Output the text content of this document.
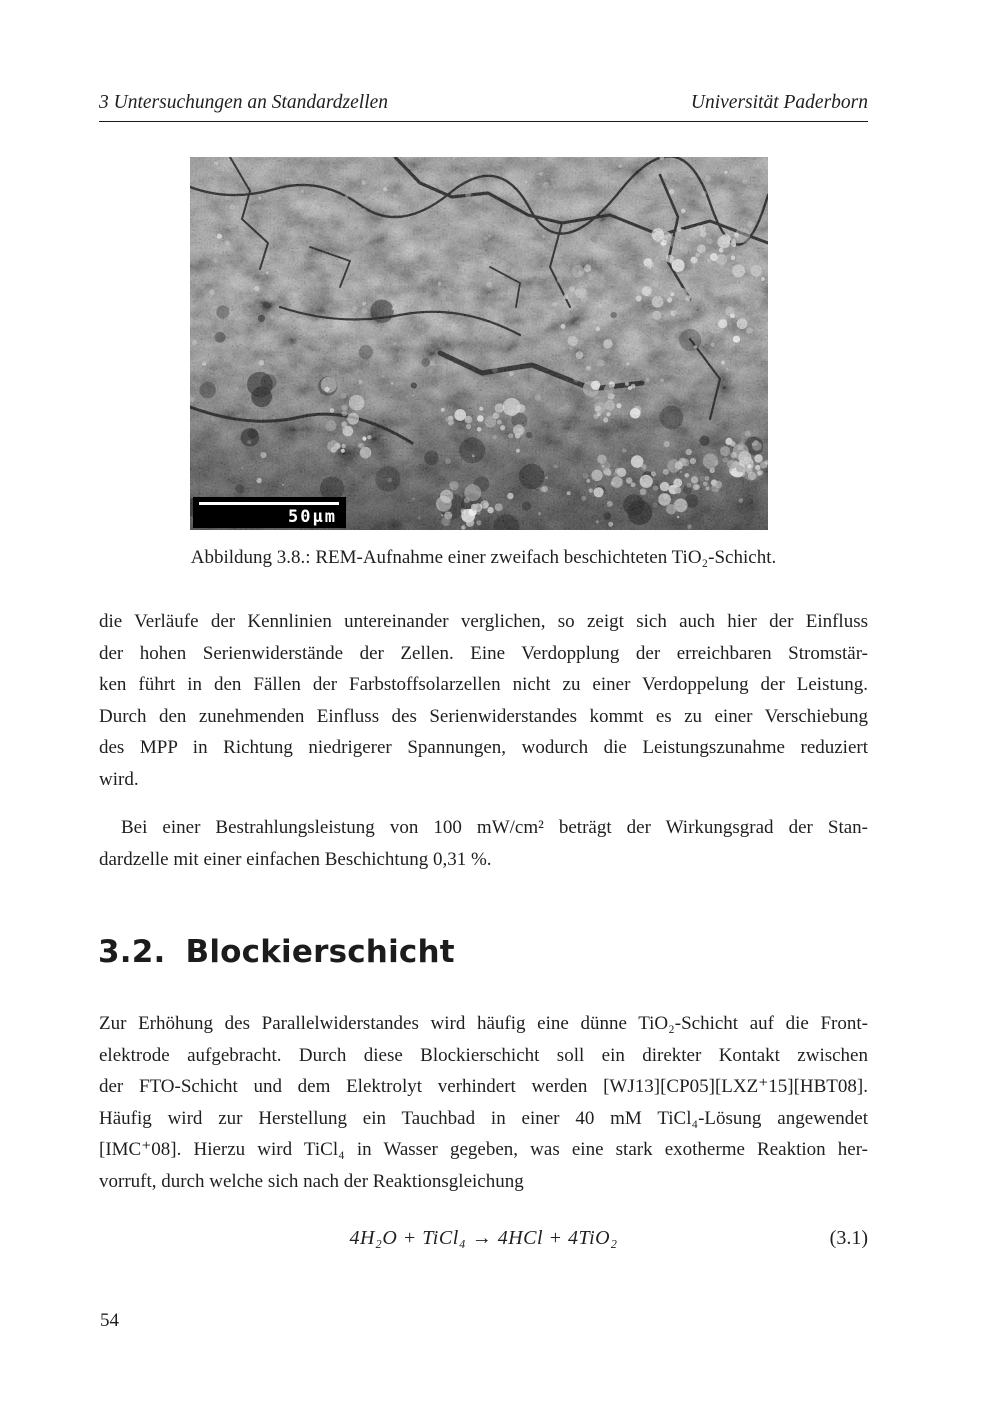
3 Untersuchungen an Standardzellen	Universität Paderborn
50µm
Abbildung 3.8.: REM-Aufnahme einer zweifach beschichteten TiO₂-Schicht.
die Verläufe der Kennlinien untereinander verglichen, so zeigt sich auch hier der Einfluss
der hohen Serienwiderstände der Zellen. Eine Verdopplung der erreichbaren Stromstär-
ken führt in den Fällen der Farbstoffsolarzellen nicht zu einer Verdoppelung der Leistung.
Durch den zunehmenden Einfluss des Serienwiderstandes kommt es zu einer Verschiebung
des MPP in Richtung niedrigerer Spannungen, wodurch die Leistungszunahme reduziert
wird.
Bei einer Bestrahlungsleistung von 100 mW/cm² beträgt der Wirkungsgrad der Stan-
dardzelle mit einer einfachen Beschichtung 0,31 %.
3.2. Blockierschicht
Zur Erhöhung des Parallelwiderstandes wird häufig eine dünne TiO₂-Schicht auf die Front-
elektrode aufgebracht. Durch diese Blockierschicht soll ein direkter Kontakt zwischen
der FTO-Schicht und dem Elektrolyt verhindert werden [WJ13][CP05][LXZ⁺15][HBT08].
Häufig wird zur Herstellung ein Tauchbad in einer 40 mM TiCl₄-Lösung angewendet
[IMC⁺08]. Hierzu wird TiCl₄ in Wasser gegeben, was eine stark exotherme Reaktion her-
vorruft, durch welche sich nach der Reaktionsgleichung
4H₂O + TiCl₄ → 4HCl + 4TiO₂	(3.1)
54
